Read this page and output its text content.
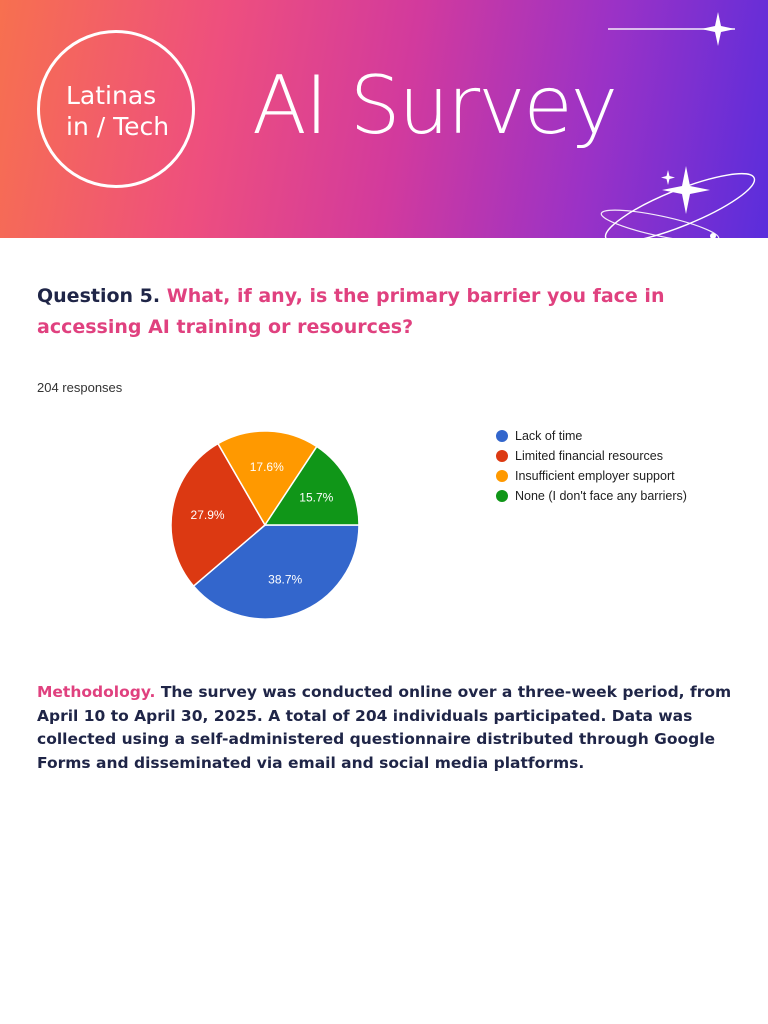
Latinas
in / Tech AI Survey
Question 5. What, if any, is the primary barrier you face in accessing AI training or resources?
204 responses
38.7%
27.9%
17.6%
15.7%
Lack of time
Limited financial resources
Insufficient employer support
None (I don't face any barriers)
Methodology. The survey was conducted online over a three-week period, from April 10 to April 30, 2025. A total of 204 individuals participated. Data was collected using a self-administered questionnaire distributed through Google Forms and disseminated via email and social media platforms.
